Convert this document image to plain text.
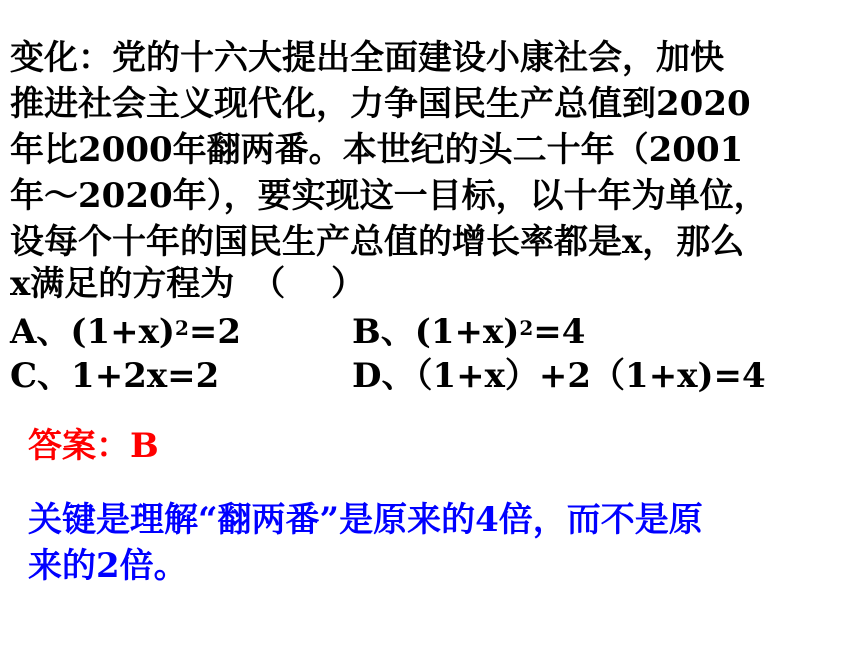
变化：党的十六大提出全面建设小康社会，加快
推进社会主义现代化，力争国民生产总值到2020
年比2000年翻两番。本世纪的头二十年（2001
年～2020年），要实现这一目标，以十年为单位，
设每个十年的国民生产总值的增长率都是x，那么
x满足的方程为　（　 ）
A、$(1+x)^2=2$	B、$(1+x)^2=4$
C、1+2x=2	D、（1+x）+2（1+x)=4
答案：B
关键是理解“翻两番”是原来的4倍，而不是原
来的2倍。
